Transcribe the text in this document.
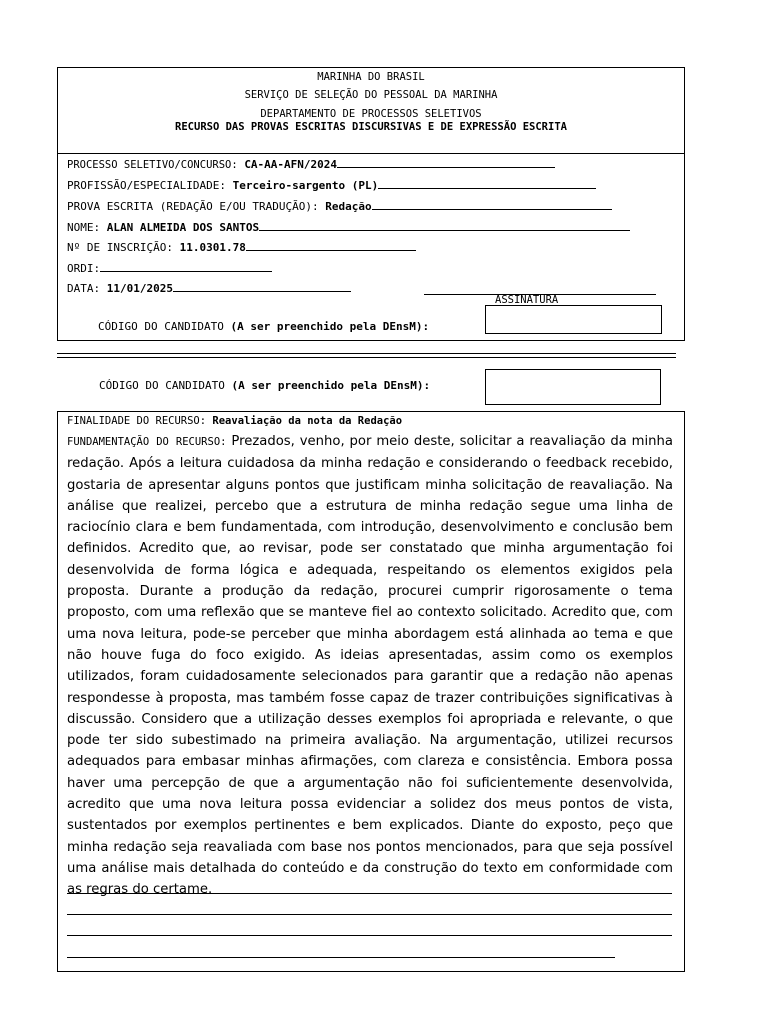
MARINHA DO BRASIL
SERVIÇO DE SELEÇÃO DO PESSOAL DA MARINHA
DEPARTAMENTO DE PROCESSOS SELETIVOS
RECURSO DAS PROVAS ESCRITAS DISCURSIVAS E DE EXPRESSÃO ESCRITA
PROCESSO SELETIVO/CONCURSO: CA-AA-AFN/2024
PROFISSÃO/ESPECIALIDADE: Terceiro-sargento (PL)
PROVA ESCRITA (REDAÇÃO E/OU TRADUÇÃO): Redação
NOME: ALAN ALMEIDA DOS SANTOS
Nº DE INSCRIÇÃO: 11.0301.78
ORDI:
DATA: 11/01/2025
ASSINATURA
CÓDIGO DO CANDIDATO (A ser preenchido pela DEnsM):
CÓDIGO DO CANDIDATO (A ser preenchido pela DEnsM):
FINALIDADE DO RECURSO: Reavaliação da nota da Redação
FUNDAMENTAÇÃO DO RECURSO: Prezados, venho, por meio deste, solicitar a reavaliação da minha redação. Após a leitura cuidadosa da minha redação e considerando o feedback recebido, gostaria de apresentar alguns pontos que justificam minha solicitação de reavaliação. Na análise que realizei, percebo que a estrutura de minha redação segue uma linha de raciocínio clara e bem fundamentada, com introdução, desenvolvimento e conclusão bem definidos. Acredito que, ao revisar, pode ser constatado que minha argumentação foi desenvolvida de forma lógica e adequada, respeitando os elementos exigidos pela proposta. Durante a produção da redação, procurei cumprir rigorosamente o tema proposto, com uma reflexão que se manteve fiel ao contexto solicitado. Acredito que, com uma nova leitura, pode-se perceber que minha abordagem está alinhada ao tema e que não houve fuga do foco exigido. As ideias apresentadas, assim como os exemplos utilizados, foram cuidadosamente selecionados para garantir que a redação não apenas respondesse à proposta, mas também fosse capaz de trazer contribuições significativas à discussão. Considero que a utilização desses exemplos foi apropriada e relevante, o que pode ter sido subestimado na primeira avaliação. Na argumentação, utilizei recursos adequados para embasar minhas afirmações, com clareza e consistência. Embora possa haver uma percepção de que a argumentação não foi suficientemente desenvolvida, acredito que uma nova leitura possa evidenciar a solidez dos meus pontos de vista, sustentados por exemplos pertinentes e bem explicados. Diante do exposto, peço que minha redação seja reavaliada com base nos pontos mencionados, para que seja possível uma análise mais detalhada do conteúdo e da construção do texto em conformidade com as regras do certame.
